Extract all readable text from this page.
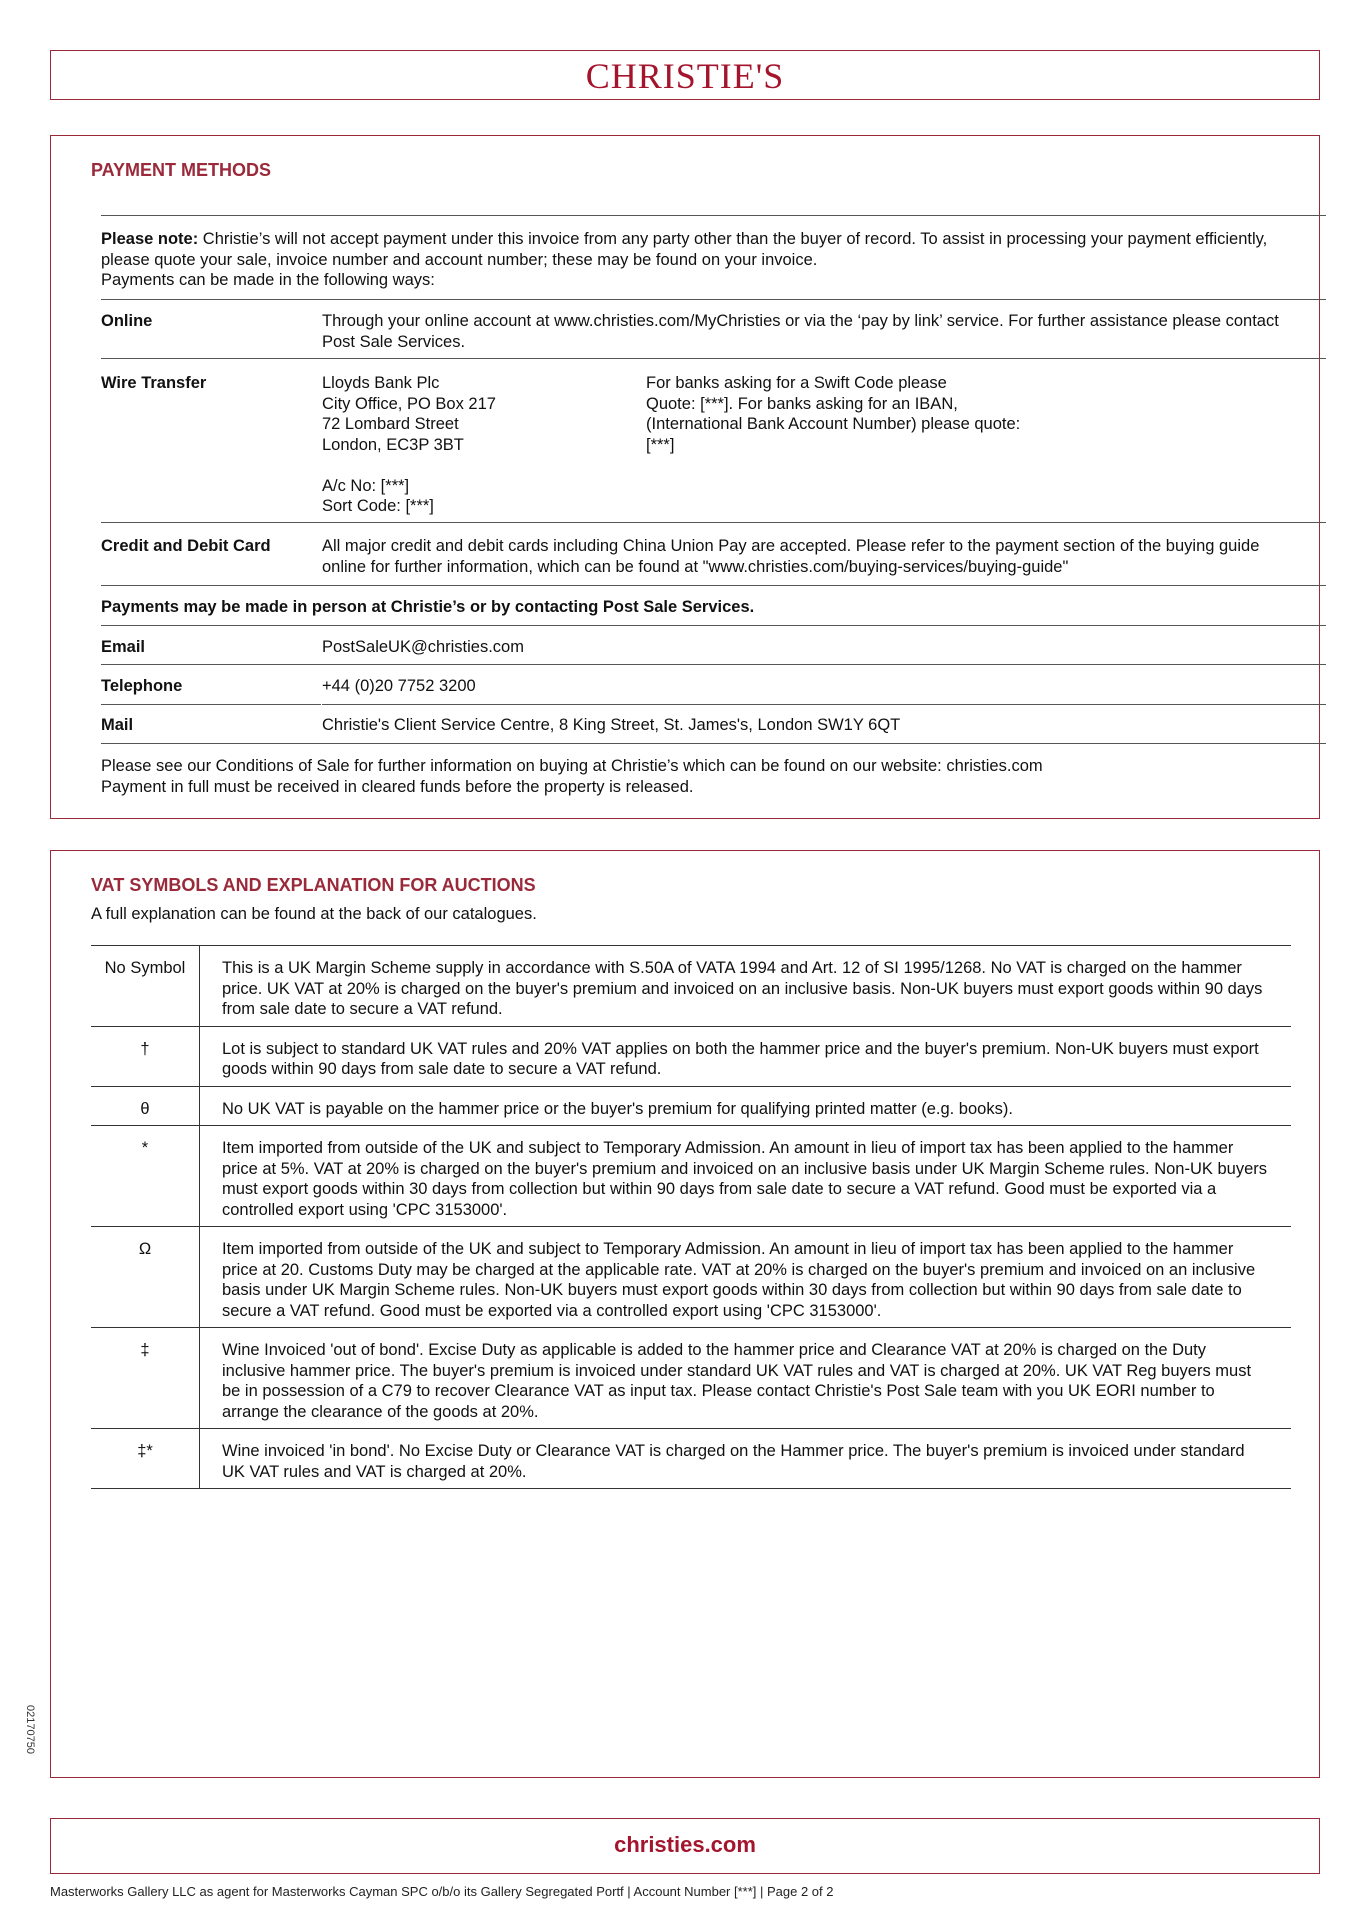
CHRISTIE'S
PAYMENT METHODS
Please note: Christie’s will not accept payment under this invoice from any party other than the buyer of record. To assist in processing your payment efficiently, please quote your sale, invoice number and account number; these may be found on your invoice.
Payments can be made in the following ways:
Online	Through your online account at www.christies.com/MyChristies or via the ‘pay by link’ service. For further assistance please contact Post Sale Services.
Wire Transfer	Lloyds Bank Plc
City Office, PO Box 217
72 Lombard Street
London, EC3P 3BT
A/c No: [***]
Sort Code: [***]
For banks asking for a Swift Code please
Quote: [***]. For banks asking for an IBAN,
(International Bank Account Number) please quote:
[***]
Credit and Debit Card	All major credit and debit cards including China Union Pay are accepted. Please refer to the payment section of the buying guide online for further information, which can be found at "www.christies.com/buying-services/buying-guide"
Payments may be made in person at Christie’s or by contacting Post Sale Services.
Email	PostSaleUK@christies.com
Telephone	+44 (0)20 7752 3200
Mail	Christie's Client Service Centre, 8 King Street, St. James's, London SW1Y 6QT
Please see our Conditions of Sale for further information on buying at Christie’s which can be found on our website: christies.com
Payment in full must be received in cleared funds before the property is released.
VAT SYMBOLS AND EXPLANATION FOR AUCTIONS
A full explanation can be found at the back of our catalogues.
No Symbol	This is a UK Margin Scheme supply in accordance with S.50A of VATA 1994 and Art. 12 of SI 1995/1268. No VAT is charged on the hammer price. UK VAT at 20% is charged on the buyer's premium and invoiced on an inclusive basis. Non-UK buyers must export goods within 90 days from sale date to secure a VAT refund.
†	Lot is subject to standard UK VAT rules and 20% VAT applies on both the hammer price and the buyer's premium. Non-UK buyers must export goods within 90 days from sale date to secure a VAT refund.
θ	No UK VAT is payable on the hammer price or the buyer's premium for qualifying printed matter (e.g. books).
*	Item imported from outside of the UK and subject to Temporary Admission. An amount in lieu of import tax has been applied to the hammer price at 5%. VAT at 20% is charged on the buyer's premium and invoiced on an inclusive basis under UK Margin Scheme rules. Non-UK buyers must export goods within 30 days from collection but within 90 days from sale date to secure a VAT refund. Good must be exported via a controlled export using 'CPC 3153000'.
Ω	Item imported from outside of the UK and subject to Temporary Admission. An amount in lieu of import tax has been applied to the hammer price at 20. Customs Duty may be charged at the applicable rate. VAT at 20% is charged on the buyer's premium and invoiced on an inclusive basis under UK Margin Scheme rules. Non-UK buyers must export goods within 30 days from collection but within 90 days from sale date to secure a VAT refund. Good must be exported via a controlled export using 'CPC 3153000'.
‡	Wine Invoiced 'out of bond'. Excise Duty as applicable is added to the hammer price and Clearance VAT at 20% is charged on the Duty inclusive hammer price. The buyer's premium is invoiced under standard UK VAT rules and VAT is charged at 20%. UK VAT Reg buyers must be in possession of a C79 to recover Clearance VAT as input tax. Please contact Christie's Post Sale team with you UK EORI number to arrange the clearance of the goods at 20%.
‡*	Wine invoiced 'in bond'. No Excise Duty or Clearance VAT is charged on the Hammer price. The buyer's premium is invoiced under standard UK VAT rules and VAT is charged at 20%.
02170750
christies.com
Masterworks Gallery LLC as agent for Masterworks Cayman SPC o/b/o its Gallery Segregated Portf | Account Number [***] | Page 2 of 2
